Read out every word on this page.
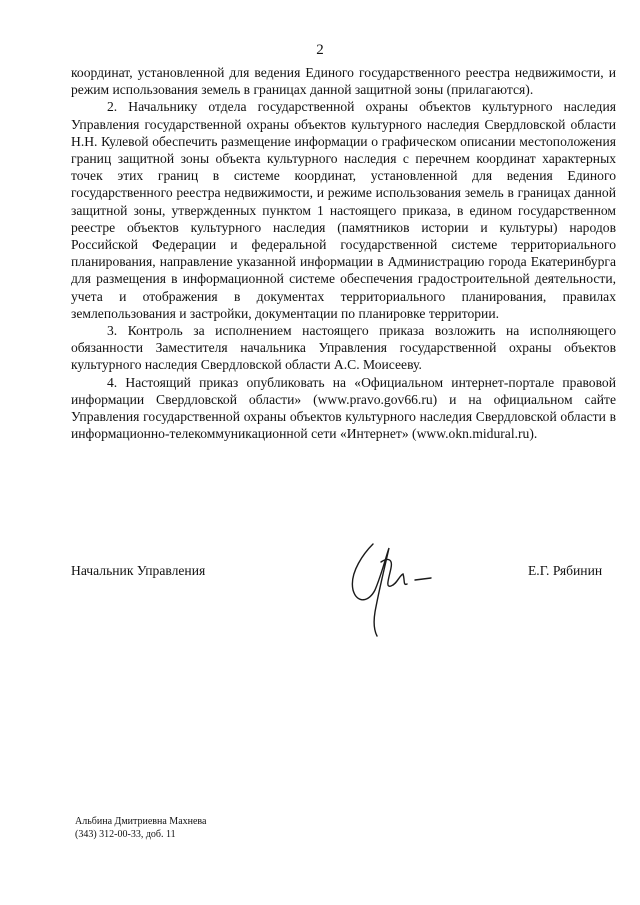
2

координат, установленной для ведения Единого государственного реестра недвижимости, и режим использования земель в границах данной защитной зоны (прилагаются).

2. Начальнику отдела государственной охраны объектов культурного наследия Управления государственной охраны объектов культурного наследия Свердловской области Н.Н. Кулевой обеспечить размещение информации о графическом описании местоположения границ защитной зоны объекта культурного наследия с перечнем координат характерных точек этих границ в системе координат, установленной для ведения Единого государственного реестра недвижимости, и режиме использования земель в границах данной защитной зоны, утвержденных пунктом 1 настоящего приказа, в едином государственном реестре объектов культурного наследия (памятников истории и культуры) народов Российской Федерации и федеральной государственной системе территориального планирования, направление указанной информации в Администрацию города Екатеринбурга для размещения в информационной системе обеспечения градостроительной деятельности, учета и отображения в документах территориального планирования, правилах землепользования и застройки, документации по планировке территории.

3. Контроль за исполнением настоящего приказа возложить на исполняющего обязанности Заместителя начальника Управления государственной охраны объектов культурного наследия Свердловской области А.С. Моисееву.

4. Настоящий приказ опубликовать на «Официальном интернет-портале правовой информации Свердловской области» (www.pravo.gov66.ru) и на официальном сайте Управления государственной охраны объектов культурного наследия Свердловской области в информационно-телекоммуникационной сети «Интернет» (www.okn.midural.ru).

Начальник Управления	Е.Г. Рябинин
Альбина Дмитриевна Махнева
(343) 312-00-33, доб. 11
